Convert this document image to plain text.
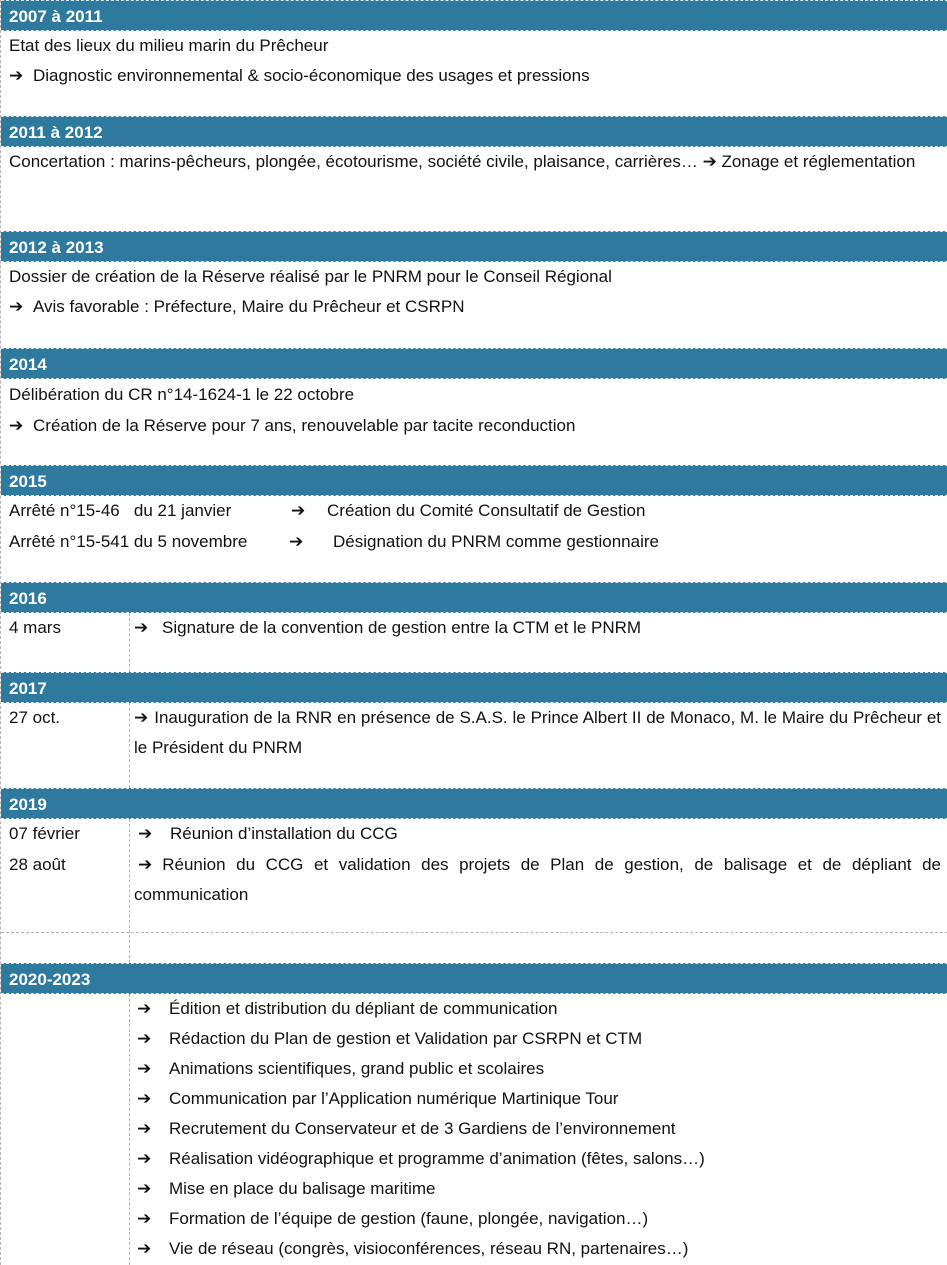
2007 à 2011
Etat des lieux du milieu marin du Prêcheur
➔ Diagnostic environnemental & socio-économique des usages et pressions
2011 à 2012
Concertation : marins-pêcheurs, plongée, écotourisme, société civile, plaisance, carrières… ➔ Zonage et réglementation
2012 à 2013
Dossier de création de la Réserve réalisé par le PNRM pour le Conseil Régional
➔ Avis favorable : Préfecture, Maire du Prêcheur et CSRPN
2014
Délibération du CR n°14-1624-1 le 22 octobre
➔ Création de la Réserve pour 7 ans, renouvelable par tacite reconduction
2015
Arrêté n°15-46   du 21 janvier	➔ Création du Comité Consultatif de Gestion
Arrêté n°15-541 du 5 novembre ➔ Désignation du PNRM comme gestionnaire
2016
4 mars	➔ Signature de la convention de gestion entre la CTM et le PNRM
2017
27 oct.	➔ Inauguration de la RNR en présence de S.A.S. le Prince Albert II de Monaco, M. le Maire du Prêcheur et le Président du PNRM
2019
07 février	➔ Réunion d’installation du CCG
28 août	➔ Réunion du CCG et validation des projets de Plan de gestion, de balisage et de dépliant de communication
2020-2023
➔ Édition et distribution du dépliant de communication
➔ Rédaction du Plan de gestion et Validation par CSRPN et CTM
➔ Animations scientifiques, grand public et scolaires
➔ Communication par l’Application numérique Martinique Tour
➔ Recrutement du Conservateur et de 3 Gardiens de l’environnement
➔ Réalisation vidéographique et programme d’animation (fêtes, salons…)
➔ Mise en place du balisage maritime
➔ Formation de l’équipe de gestion (faune, plongée, navigation…)
➔ Vie de réseau (congrès, visioconférences, réseau RN, partenaires…)
